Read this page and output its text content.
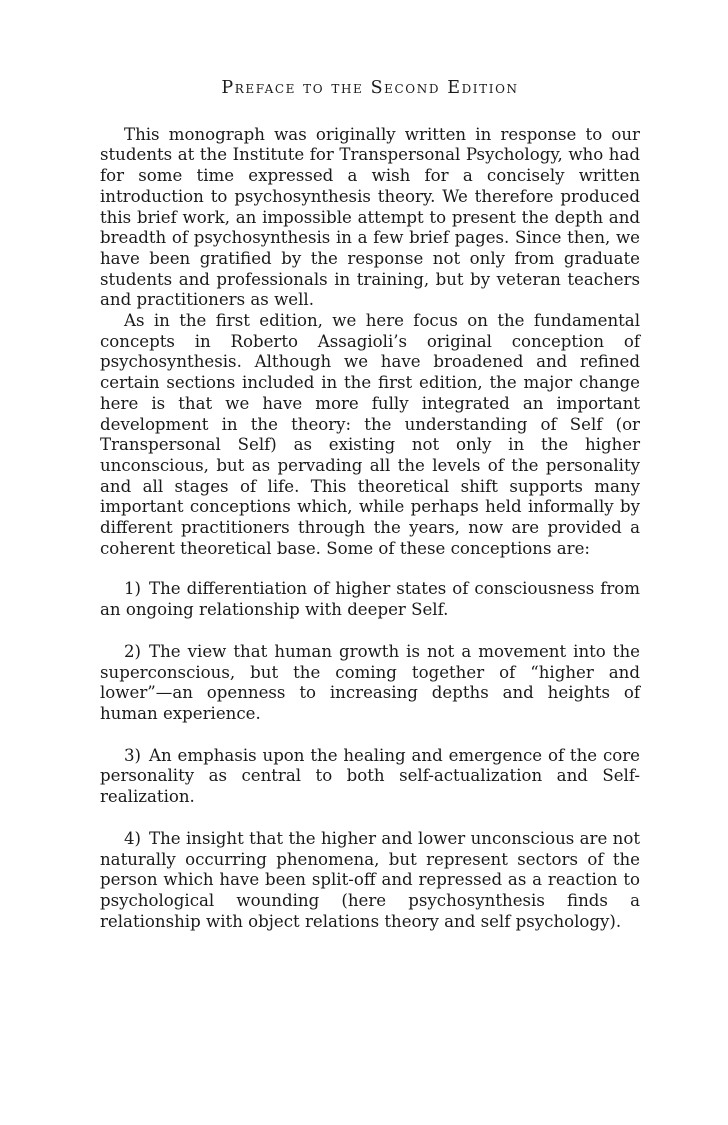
Preface to the Second Edition

This monograph was originally written in response to our students at the Institute for Transpersonal Psychology, who had for some time expressed a wish for a concisely written introduction to psychosynthesis theory. We therefore produced this brief work, an impossible attempt to present the depth and breadth of psychosynthesis in a few brief pages. Since then, we have been gratified by the response not only from graduate students and professionals in training, but by veteran teachers and practitioners as well.

As in the first edition, we here focus on the fundamental concepts in Roberto Assagioli’s original conception of psychosynthesis. Although we have broadened and refined certain sections included in the first edition, the major change here is that we have more fully integrated an important development in the theory: the understanding of Self (or Transpersonal Self) as existing not only in the higher unconscious, but as pervading all the levels of the personality and all stages of life. This theoretical shift supports many important conceptions which, while perhaps held informally by different practitioners through the years, now are provided a coherent theoretical base. Some of these conceptions are:

1) The differentiation of higher states of consciousness from an ongoing relationship with deeper Self.

2) The view that human growth is not a movement into the superconscious, but the coming together of “higher and lower”—an openness to increasing depths and heights of human experience.

3) An emphasis upon the healing and emergence of the core personality as central to both self-actualization and Self-realization.

4) The insight that the higher and lower unconscious are not naturally occurring phenomena, but represent sectors of the person which have been split-off and repressed as a reaction to psychological wounding (here psychosynthesis finds a relationship with object relations theory and self psychology).
